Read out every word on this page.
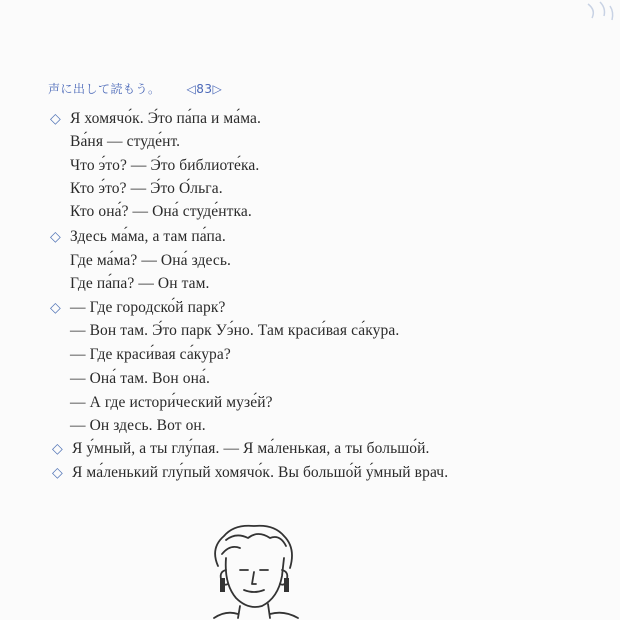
声に出して読もう。 ◁83▷
◇ Я хомячо́к. Э́то па́па и ма́ма.
Ва́ня — студе́нт.
Что э́то? — Э́то библиоте́ка.
Кто э́то? — Э́то О́льга.
Кто она́? — Она́ студе́нтка.
◇ Здесь ма́ма, а там па́па.
Где ма́ма? — Она́ здесь.
Где па́па? — Он там.
◇ — Где городско́й парк?
— Вон там. Э́то парк Уэ́но. Там краси́вая са́кура.
— Где краси́вая са́кура?
— Она́ там. Вон она́.
— А где истори́ческий музе́й?
— Он здесь. Вот он.
◇ Я у́мный, а ты глу́пая. — Я ма́ленькая, а ты большо́й.
◇ Я ма́ленький глу́пый хомячо́к. Вы большо́й у́мный врач.
